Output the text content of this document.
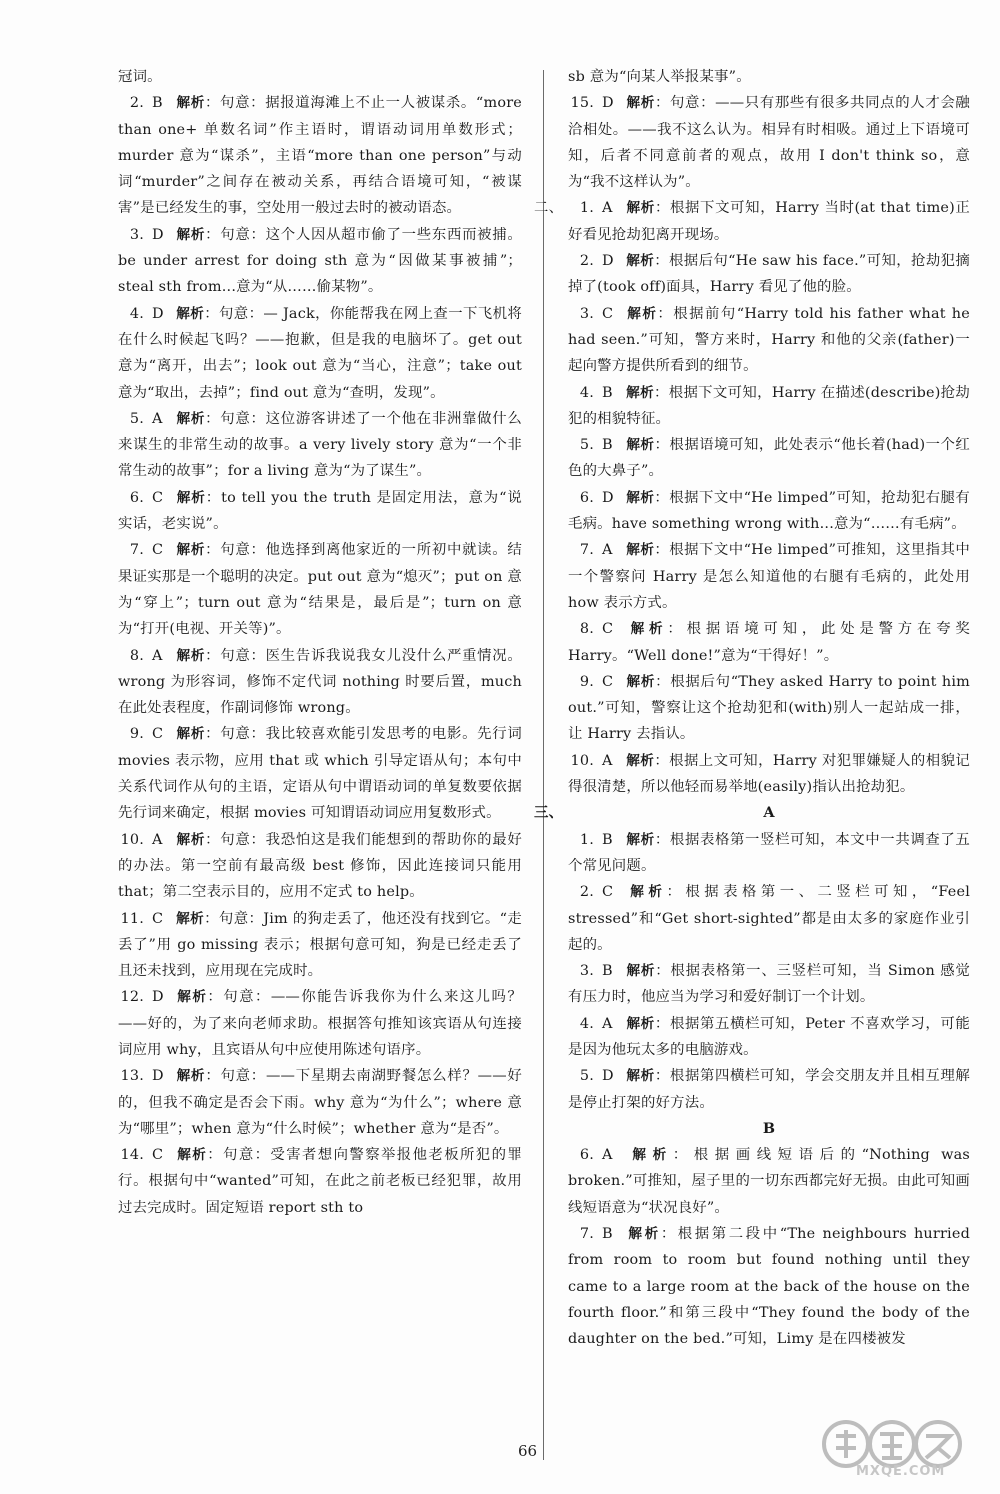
冠词。
2. B 解析：句意：据报道海滩上不止一人被谋杀。“more than one+ 单数名词”作主语时，谓语动词用单数形式；murder 意为“谋杀”，主语“more than one person”与动词“murder”之间存在被动关系，再结合语境可知，“被谋害”是已经发生的事，空处用一般过去时的被动语态。
3. D 解析：句意：这个人因从超市偷了一些东西而被捕。be under arrest for doing sth 意为“因做某事被捕”；steal sth from...意为“从……偷某物”。
4. D 解析：句意：— Jack，你能帮我在网上查一下飞机将在什么时候起飞吗？——抱歉，但是我的电脑坏了。get out 意为“离开，出去”；look out 意为“当心，注意”；take out 意为“取出，去掉”；find out 意为“查明，发现”。
5. A 解析：句意：这位游客讲述了一个他在非洲靠做什么来谋生的非常生动的故事。a very lively story 意为“一个非常生动的故事”；for a living 意为“为了谋生”。
6. C 解析：to tell you the truth 是固定用法，意为“说实话，老实说”。
7. C 解析：句意：他选择到离他家近的一所初中就读。结果证实那是一个聪明的决定。put out 意为“熄灭”；put on 意为“穿上”；turn out 意为“结果是，最后是”；turn on 意为“打开(电视、开关等)”。
8. A 解析：句意：医生告诉我说我女儿没什么严重情况。wrong 为形容词，修饰不定代词 nothing 时要后置，much 在此处表程度，作副词修饰 wrong。
9. C 解析：句意：我比较喜欢能引发思考的电影。先行词 movies 表示物，应用 that 或 which 引导定语从句；本句中关系代词作从句的主语，定语从句中谓语动词的单复数要依据先行词来确定，根据 movies 可知谓语动词应用复数形式。
10. A 解析：句意：我恐怕这是我们能想到的帮助你的最好的办法。第一空前有最高级 best 修饰，因此连接词只能用 that；第二空表示目的，应用不定式 to help。
11. C 解析：句意：Jim 的狗走丢了，他还没有找到它。“走丢了”用 go missing 表示；根据句意可知，狗是已经走丢了且还未找到，应用现在完成时。
12. D 解析：句意：——你能告诉我你为什么来这儿吗？——好的，为了来向老师求助。根据答句推知该宾语从句连接词应用 why，且宾语从句中应使用陈述句语序。
13. D 解析：句意：——下星期去南湖野餐怎么样？——好的，但我不确定是否会下雨。why 意为“为什么”；where 意为“哪里”；when 意为“什么时候”；whether 意为“是否”。
14. C 解析：句意：受害者想向警察举报他老板所犯的罪行。根据句中“wanted”可知，在此之前老板已经犯罪，故用过去完成时。固定短语 report sth to
sb 意为“向某人举报某事”。
15. D 解析：句意：——只有那些有很多共同点的人才会融洽相处。——我不这么认为。相异有时相吸。通过上下语境可知，后者不同意前者的观点，故用 I don't think so，意为“我不这样认为”。
二、 1. A 解析：根据下文可知，Harry 当时(at that time)正好看见抢劫犯离开现场。
2. D 解析：根据后句“He saw his face.”可知，抢劫犯摘掉了(took off)面具，Harry 看见了他的脸。
3. C 解析：根据前句“Harry told his father what he had seen.”可知，警方来时，Harry 和他的父亲(father)一起向警方提供所看到的细节。
4. B 解析：根据下文可知，Harry 在描述(describe)抢劫犯的相貌特征。
5. B 解析：根据语境可知，此处表示“他长着(had)一个红色的大鼻子”。
6. D 解析：根据下文中“He limped”可知，抢劫犯右腿有毛病。have something wrong with...意为“……有毛病”。
7. A 解析：根据下文中“He limped”可推知，这里指其中一个警察问 Harry 是怎么知道他的右腿有毛病的，此处用 how 表示方式。
8. C 解析：根据语境可知，此处是警方在夸奖 Harry。“Well done!”意为“干得好！”。
9. C 解析：根据后句“They asked Harry to point him out.”可知，警察让这个抢劫犯和(with)别人一起站成一排，让 Harry 去指认。
10. A 解析：根据上文可知，Harry 对犯罪嫌疑人的相貌记得很清楚，所以他轻而易举地(easily)指认出抢劫犯。
三、	A
1. B 解析：根据表格第一竖栏可知，本文中一共调查了五个常见问题。
2. C 解析：根据表格第一、二竖栏可知，“Feel stressed”和“Get short-sighted”都是由太多的家庭作业引起的。
3. B 解析：根据表格第一、三竖栏可知，当 Simon 感觉有压力时，他应当为学习和爱好制订一个计划。
4. A 解析：根据第五横栏可知，Peter 不喜欢学习，可能是因为他玩太多的电脑游戏。
5. D 解析：根据第四横栏可知，学会交朋友并且相互理解是停止打架的好方法。
B
6. A 解析：根据画线短语后的“Nothing was broken.”可推知，屋子里的一切东西都完好无损。由此可知画线短语意为“状况良好”。
7. B 解析：根据第二段中“The neighbours hurried from room to room but found nothing until they came to a large room at the back of the house on the fourth floor.”和第三段中“They found the body of the daughter on the bed.”可知，Limy 是在四楼被发
66
MXQE.COM
